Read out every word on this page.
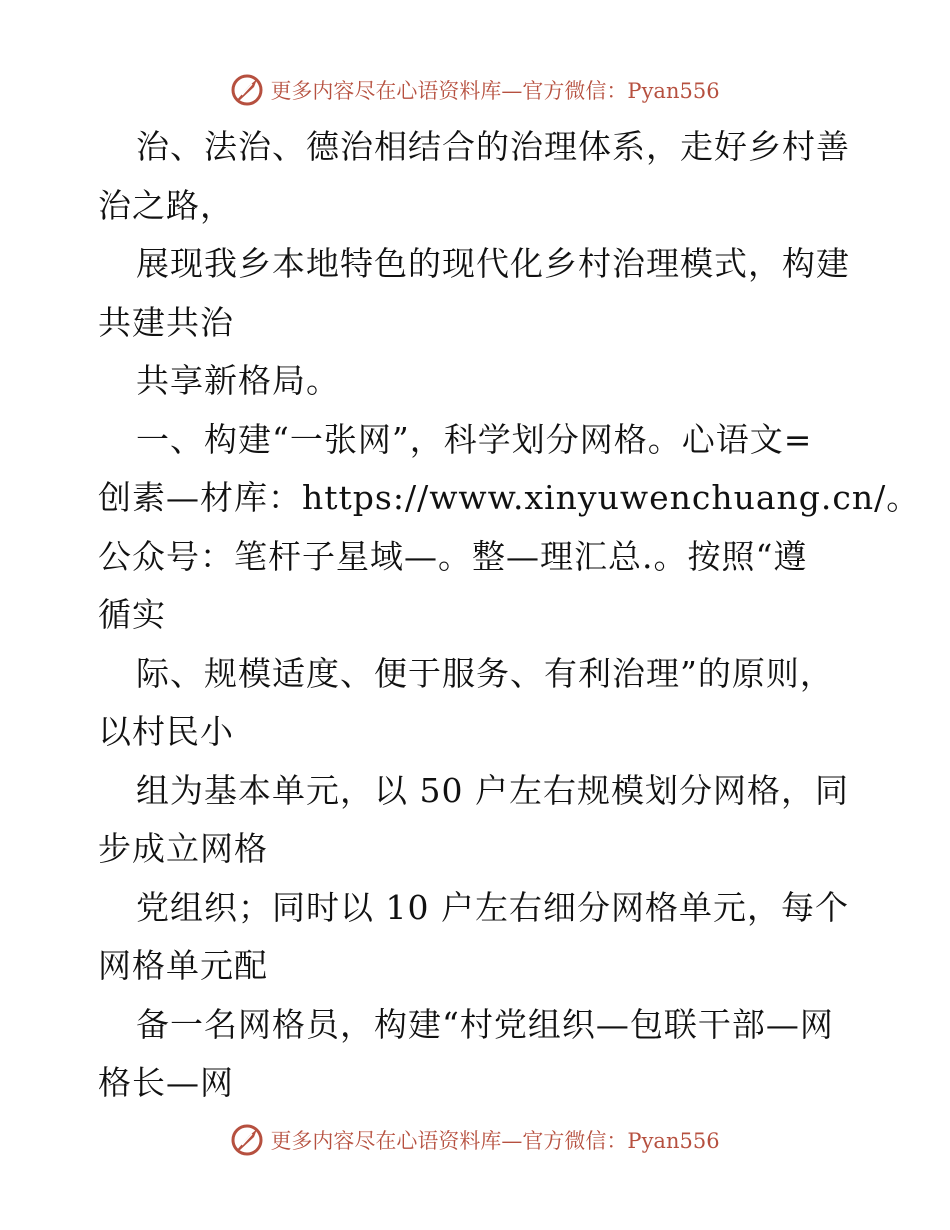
更多内容尽在心语资料库—官方微信：Pyan556
治、法治、德治相结合的治理体系，走好乡村善
治之路，
展现我乡本地特色的现代化乡村治理模式，构建
共建共治
共享新格局。
一、构建“一张网”，科学划分网格。心语文=
创素—材库：https://www.xinyuwenchuang.cn/。
公众号：笔杆子星域—。整—理汇总.。按照“遵
循实
际、规模适度、便于服务、有利治理”的原则，
以村民小
组为基本单元，以 50 户左右规模划分网格，同
步成立网格
党组织；同时以 10 户左右细分网格单元，每个
网格单元配
备一名网格员，构建“村党组织—包联干部—网
格长—网
更多内容尽在心语资料库—官方微信：Pyan556
